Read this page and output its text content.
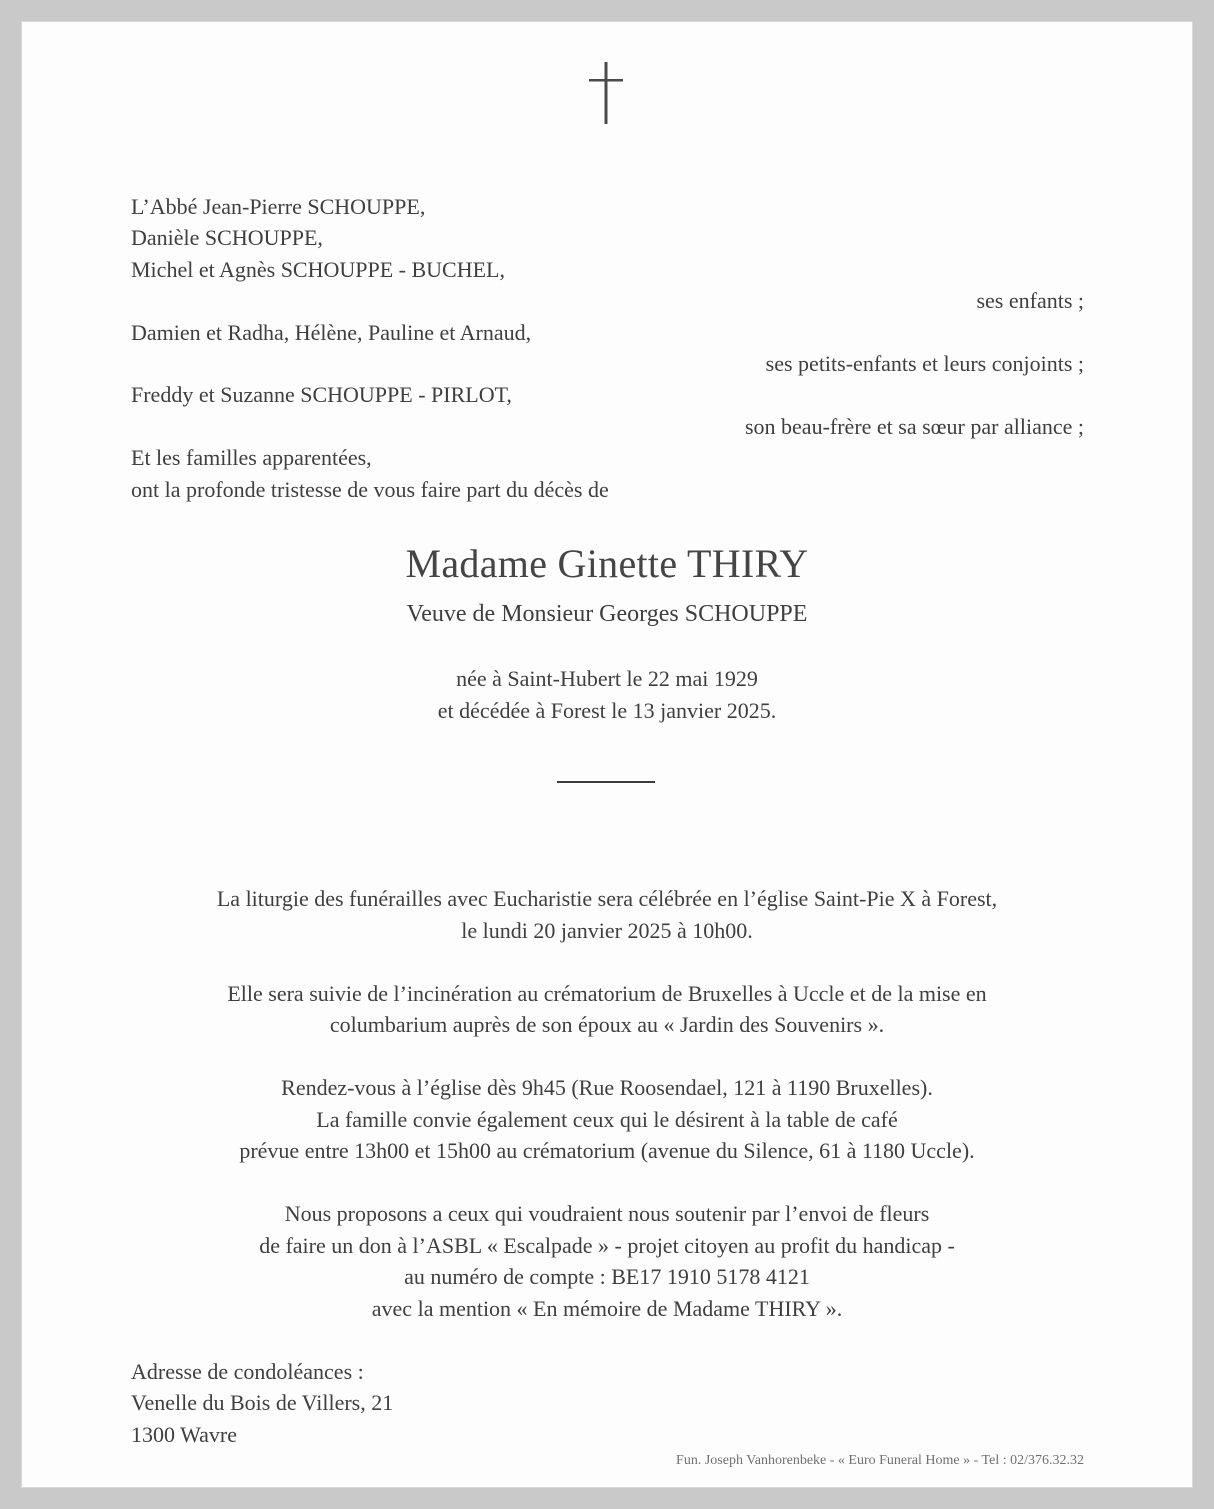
L’Abbé Jean-Pierre SCHOUPPE,
Danièle SCHOUPPE,
Michel et Agnès SCHOUPPE - BUCHEL,
ses enfants ;
Damien et Radha, Hélène, Pauline et Arnaud,
ses petits-enfants et leurs conjoints ;
Freddy et Suzanne SCHOUPPE - PIRLOT,
son beau-frère et sa sœur par alliance ;
Et les familles apparentées,
ont la profonde tristesse de vous faire part du décès de
Madame Ginette THIRY
Veuve de Monsieur Georges SCHOUPPE
née à Saint-Hubert le 22 mai 1929
et décédée à Forest le 13 janvier 2025.
La liturgie des funérailles avec Eucharistie sera célébrée en l’église Saint-Pie X à Forest,
le lundi 20 janvier 2025 à 10h00.
Elle sera suivie de l’incinération au crématorium de Bruxelles à Uccle et de la mise en
columbarium auprès de son époux au « Jardin des Souvenirs ».
Rendez-vous à l’église dès 9h45 (Rue Roosendael, 121 à 1190 Bruxelles).
La famille convie également ceux qui le désirent à la table de café
prévue entre 13h00 et 15h00 au crématorium (avenue du Silence, 61 à 1180 Uccle).
Nous proposons a ceux qui voudraient nous soutenir par l’envoi de fleurs
de faire un don à l’ASBL « Escalpade » - projet citoyen au profit du handicap -
au numéro de compte : BE17 1910 5178 4121
avec la mention « En mémoire de Madame THIRY ».
Adresse de condoléances :
Venelle du Bois de Villers, 21
1300 Wavre
Fun. Joseph Vanhorenbeke - « Euro Funeral Home » - Tel : 02/376.32.32
